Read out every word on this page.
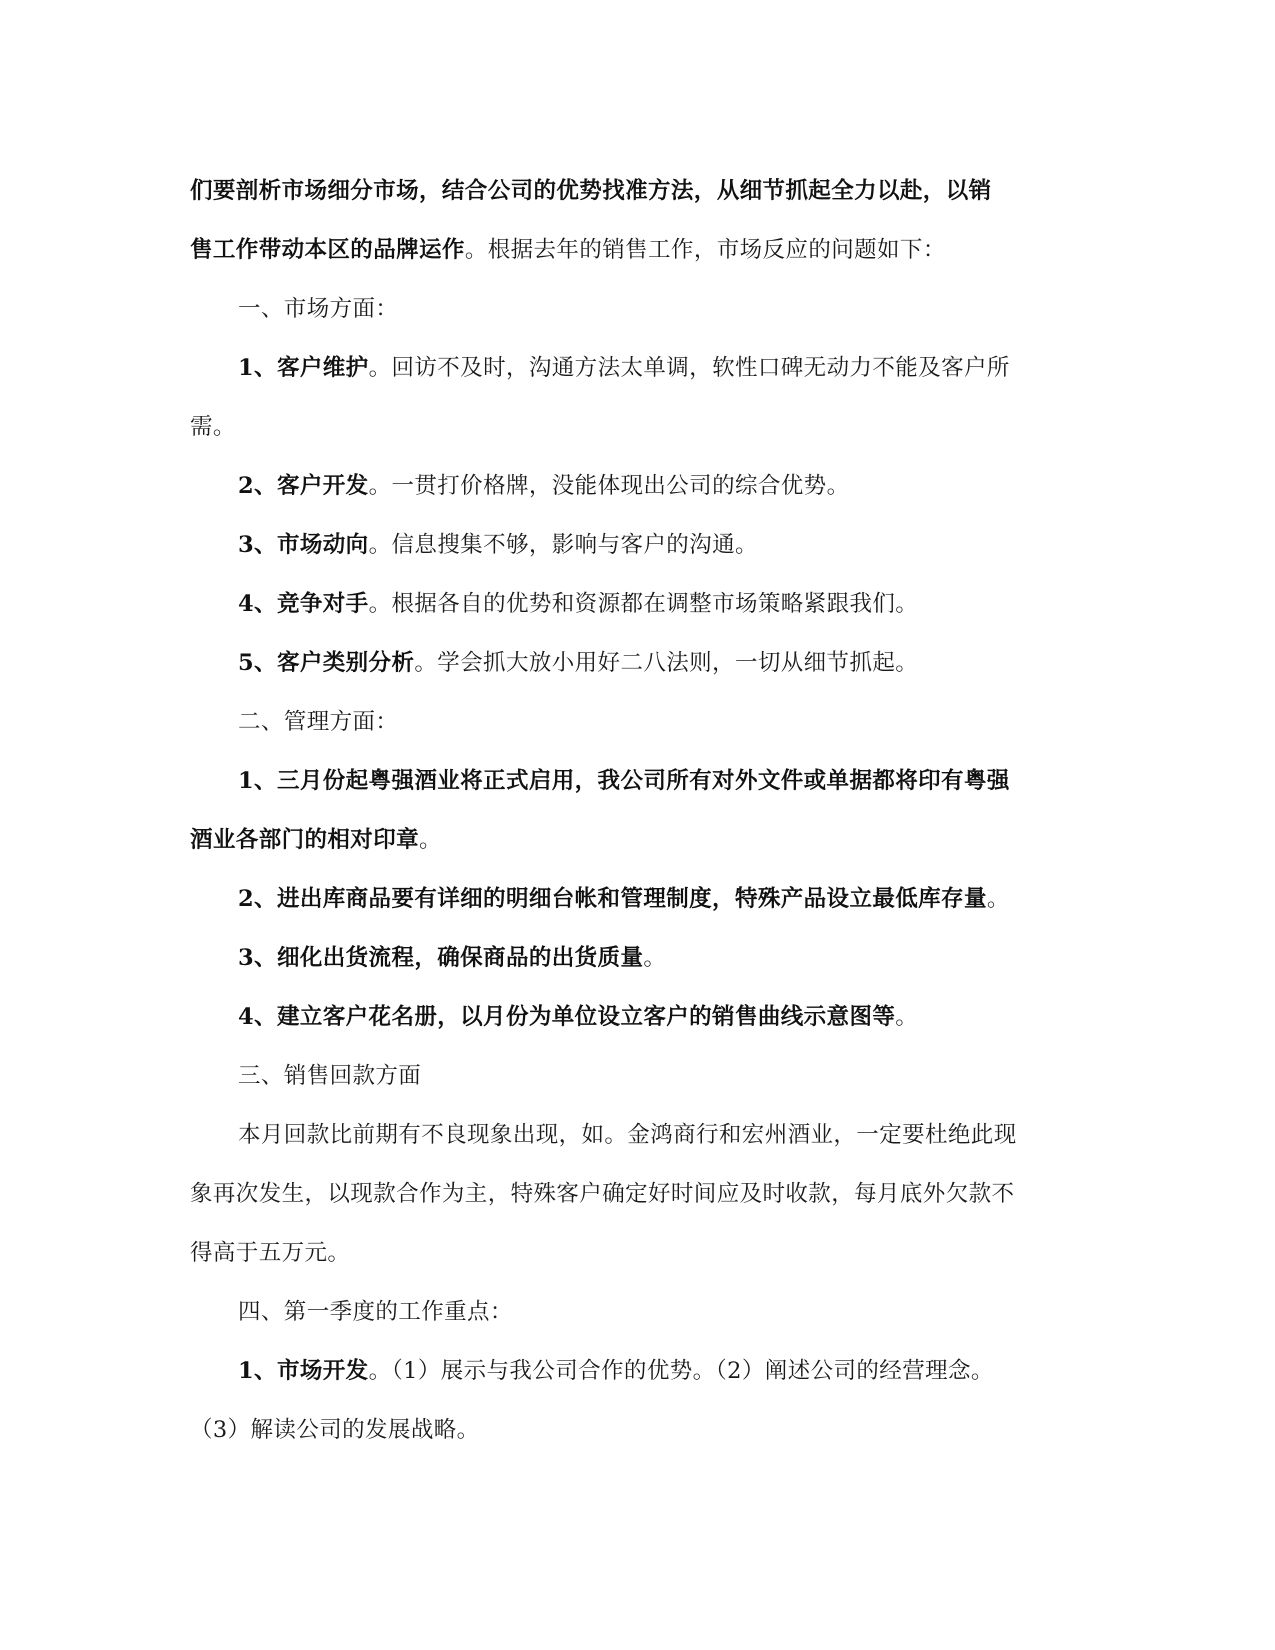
们要剖析市场细分市场，结合公司的优势找准方法，从细节抓起全力以赴，以销

售工作带动本区的品牌运作。根据去年的销售工作，市场反应的问题如下：

一、市场方面：

1、客户维护。回访不及时，沟通方法太单调，软性口碑无动力不能及客户所

需。

2、客户开发。一贯打价格牌，没能体现出公司的综合优势。

3、市场动向。信息搜集不够，影响与客户的沟通。

4、竞争对手。根据各自的优势和资源都在调整市场策略紧跟我们。

5、客户类别分析。学会抓大放小用好二八法则，一切从细节抓起。

二、管理方面：

1、三月份起粤强酒业将正式启用，我公司所有对外文件或单据都将印有粤强

酒业各部门的相对印章。

2、进出库商品要有详细的明细台帐和管理制度，特殊产品设立最低库存量。

3、细化出货流程，确保商品的出货质量。

4、建立客户花名册，以月份为单位设立客户的销售曲线示意图等。

三、销售回款方面

本月回款比前期有不良现象出现，如。金鸿商行和宏州酒业，一定要杜绝此现

象再次发生，以现款合作为主，特殊客户确定好时间应及时收款，每月底外欠款不

得高于五万元。

四、第一季度的工作重点：

1、市场开发。（1）展示与我公司合作的优势。（2）阐述公司的经营理念。

（3）解读公司的发展战略。
